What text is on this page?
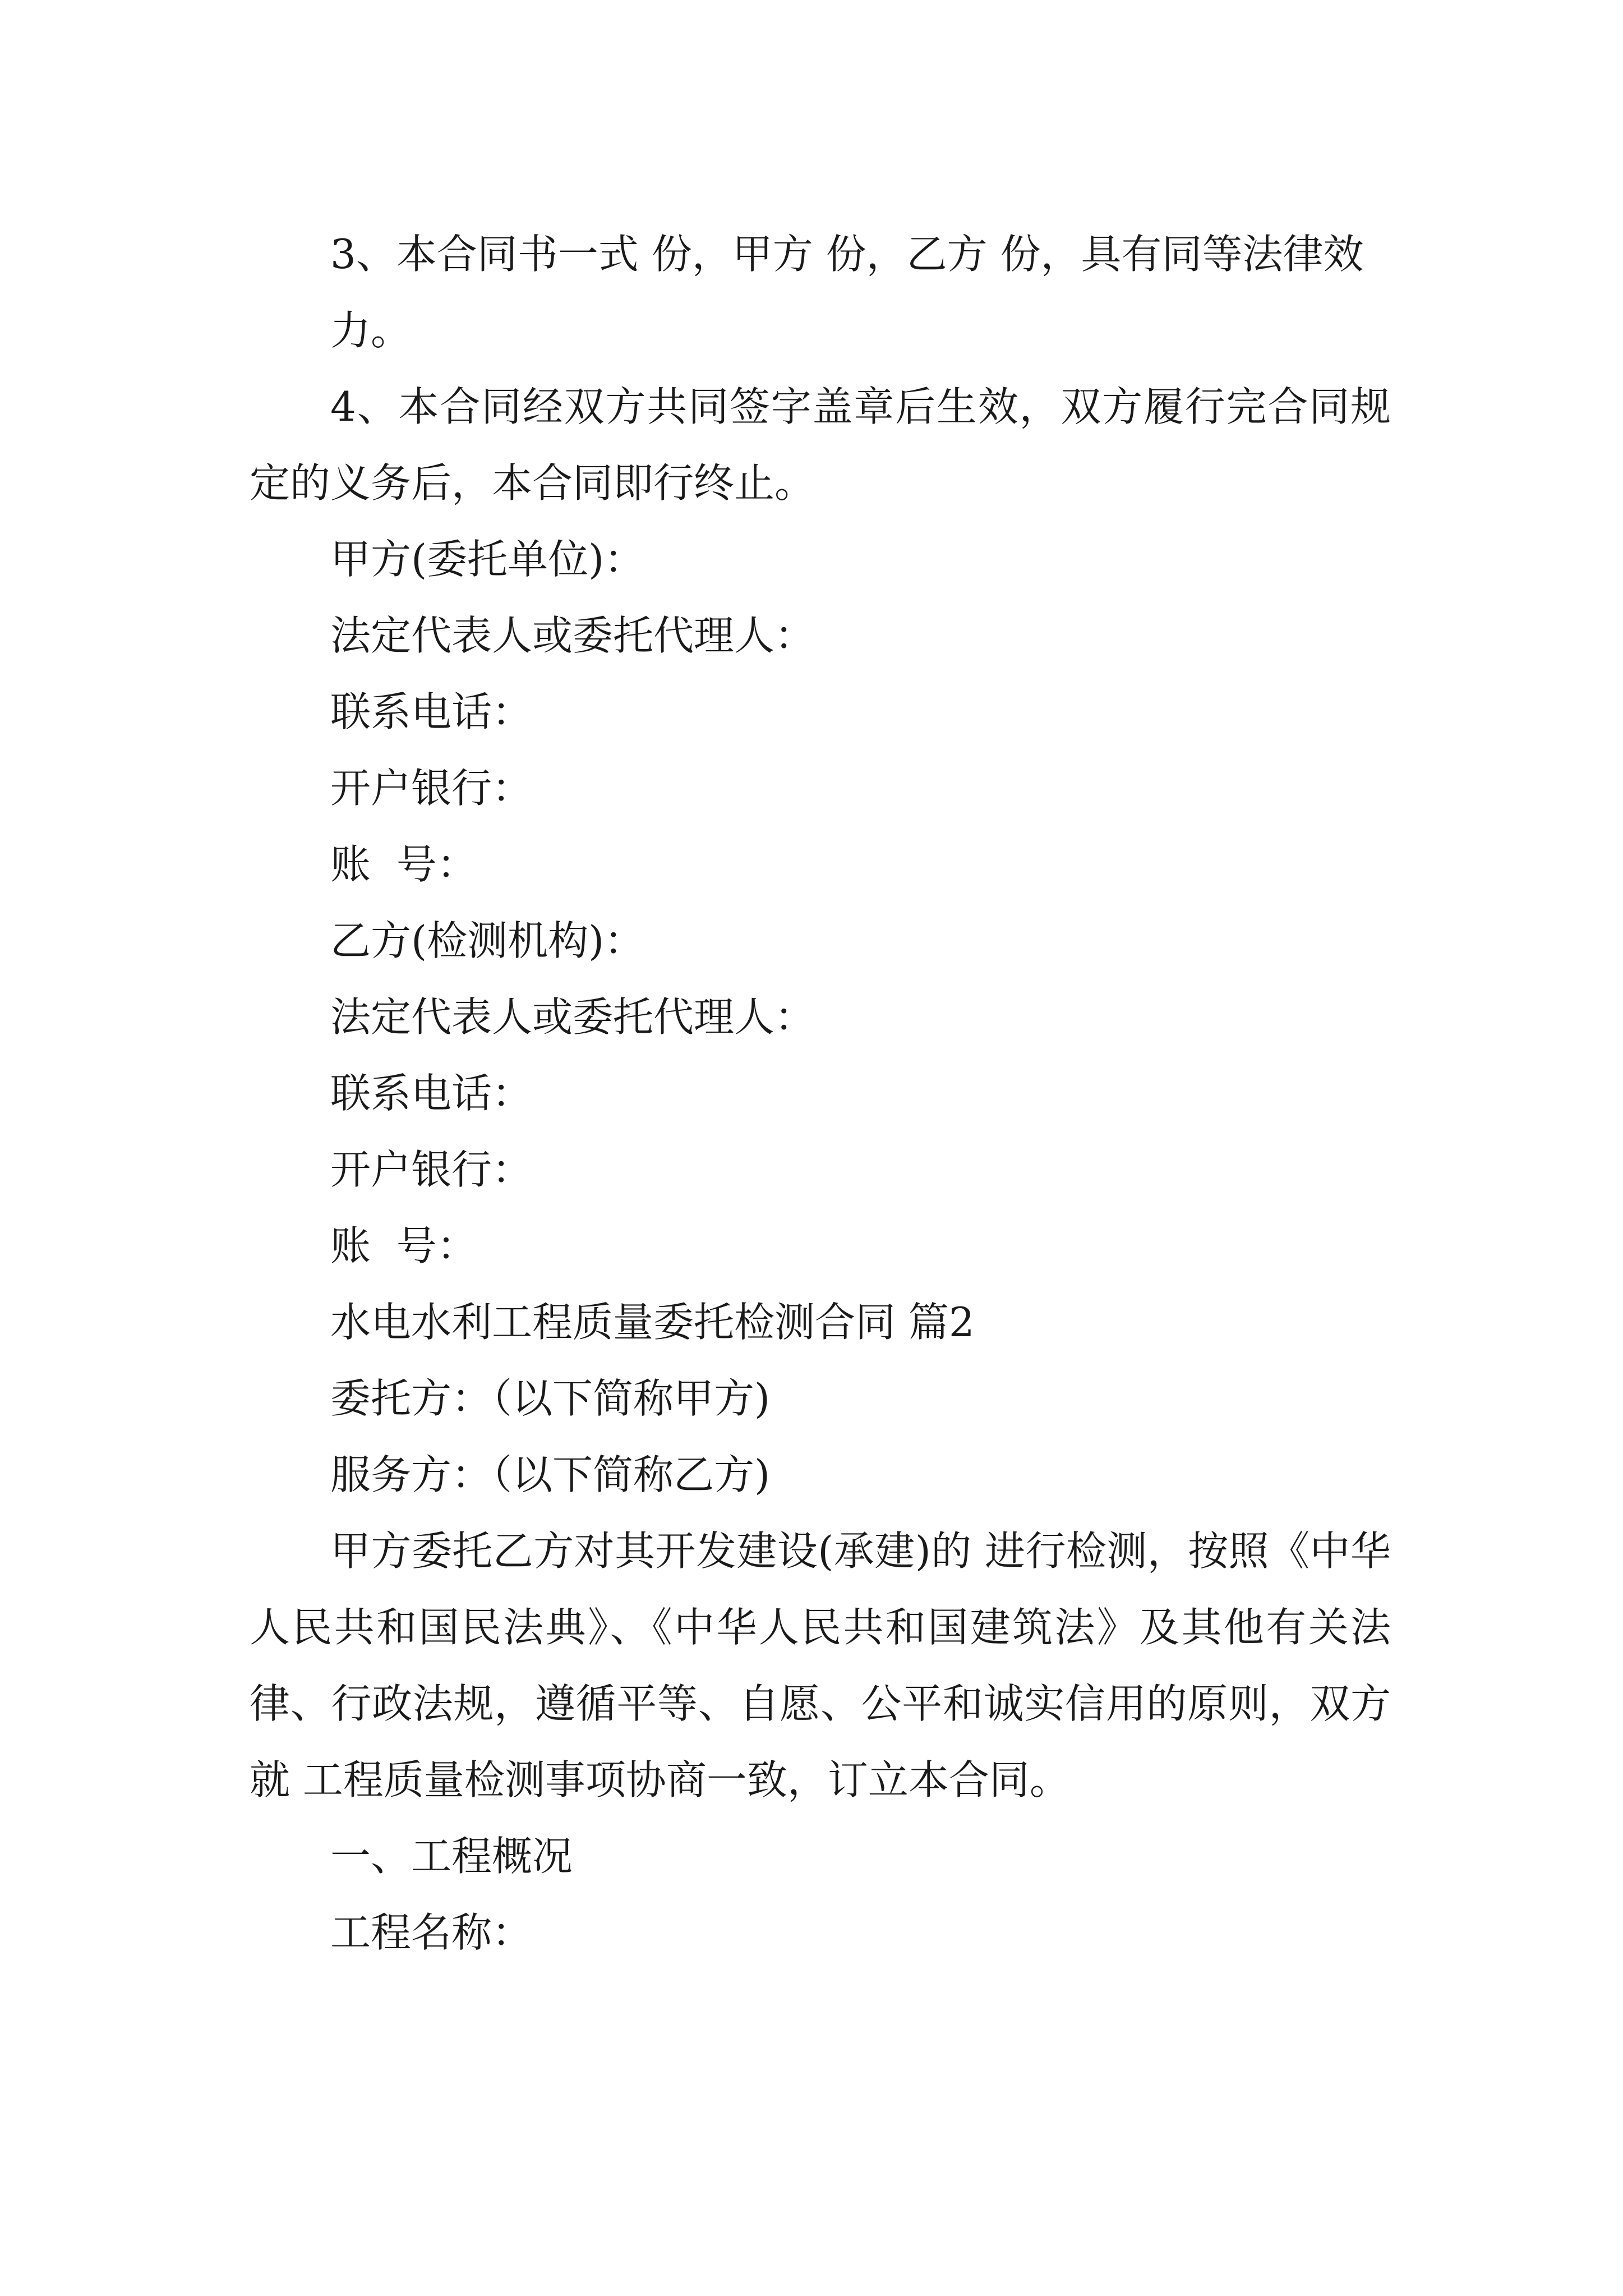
3、本合同书一式 份，甲方 份，乙方 份，具有同等法律效

力。

4、本合同经双方共同签字盖章后生效，双方履行完合同规定的义务后，本合同即行终止。

甲方(委托单位)：

法定代表人或委托代理人：

联系电话：

开户银行：

账  号：

乙方(检测机构)：

法定代表人或委托代理人：

联系电话：

开户银行：

账  号：

水电水利工程质量委托检测合同 篇2

委托方：（以下简称甲方)

服务方：（以下简称乙方)

甲方委托乙方对其开发建设(承建)的 进行检测，按照《中华人民共和国民法典》、《中华人民共和国建筑法》及其他有关法律、行政法规，遵循平等、自愿、公平和诚实信用的原则，双方就 工程质量检测事项协商一致，订立本合同。

一、工程概况

工程名称：
